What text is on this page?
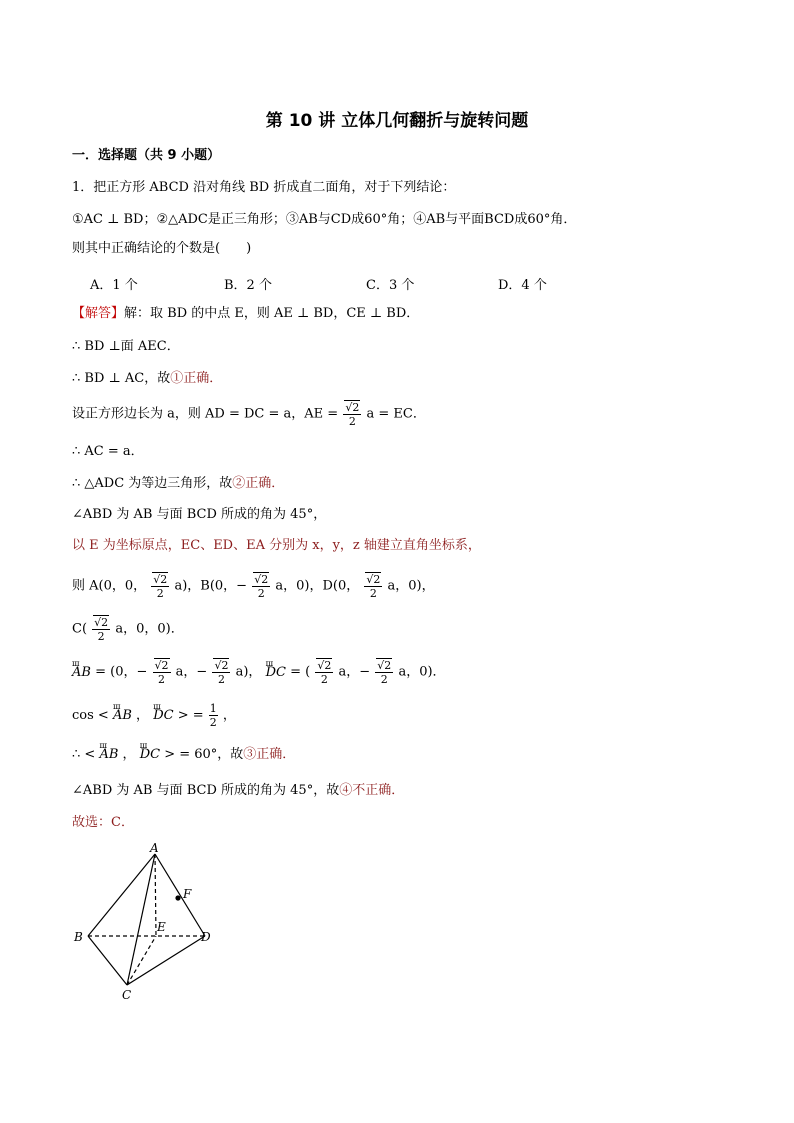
第 10 讲 立体几何翻折与旋转问题
一．选择题（共 9 小题）
1．把正方形 ABCD 沿对角线 BD 折成直二面角，对于下列结论：
①AC ⊥ BD；②△ADC是正三角形；③AB与CD成60°角；④AB与平面BCD成60°角．
则其中正确结论的个数是(　　)
A．1 个	B．2 个	C．3 个	D．4 个
【解答】解：取 BD 的中点 E，则 AE ⊥ BD，CE ⊥ BD．
∴ BD ⊥面 AEC．
∴ BD ⊥ AC，故①正确．
设正方形边长为 a，则 AD = DC = a，AE = $\frac{√2}{2}$ a = EC．
∴ AC = a．
∴ △ADC 为等边三角形，故②正确．
∠ABD 为 AB 与面 BCD 所成的角为 45°，
以 E 为坐标原点，EC、ED、EA 分别为 x，y，z 轴建立直角坐标系，
则 A(0，0， $\frac{√2}{2} a$)，B(0，− $\frac{√2}{2}$ a，0)，D(0， $\frac{√2}{2}$ a，0)，
$C( \frac{√2}{2}$ a，0，0)．
ш AB = (0，− $\frac{√2}{2}$ a，− $\frac{√2}{2} a$)， ш DC = ( $\frac{√2}{2}$ a，− $\frac{√2}{2}$ a，0)．
cos < ш AB ， ш DC > = $\frac{1}{2}$ ，
∴ < ш AB ， ш DC > = 60°，故③正确．
∠ABD 为 AB 与面 BCD 所成的角为 45°，故④不正确．
故选：C．
A
F
B
E
D
C
